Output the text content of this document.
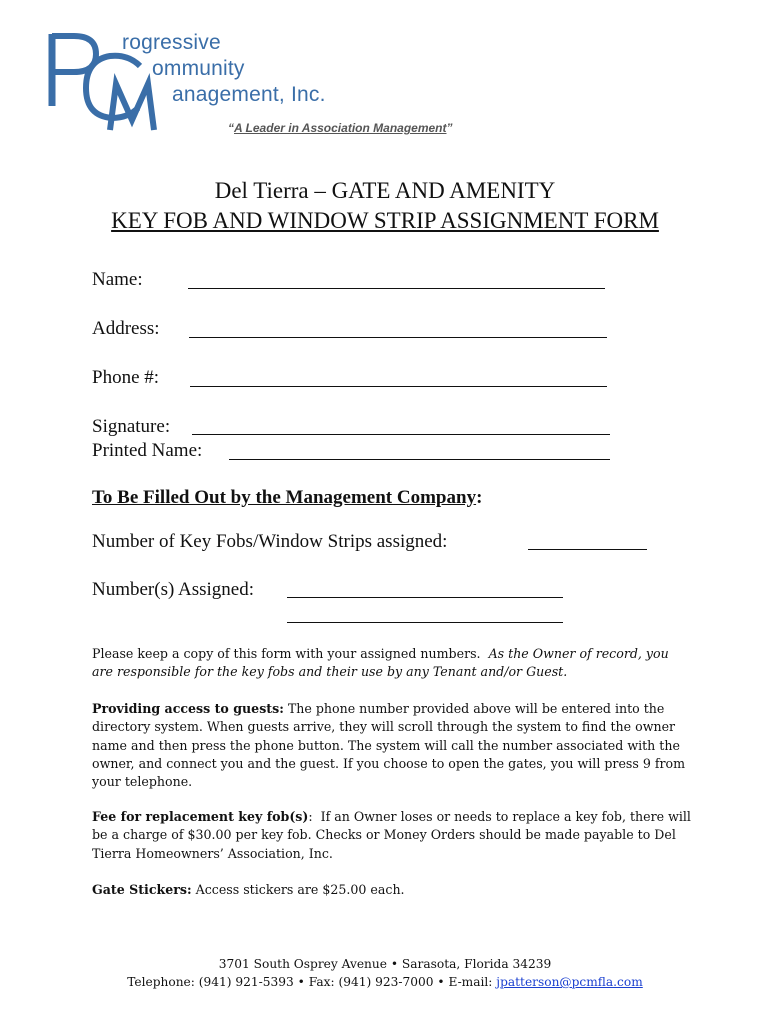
rogressive
ommunity
anagement, Inc.
“A Leader in Association Management”
Del Tierra – GATE AND AMENITY
KEY FOB AND WINDOW STRIP ASSIGNMENT FORM
Name:
Address:
Phone #:
Signature:
Printed Name:
To Be Filled Out by the Management Company:
Number of Key Fobs/Window Strips assigned:
Number(s) Assigned:
Please keep a copy of this form with your assigned numbers. As the Owner of record, you are responsible for the key fobs and their use by any Tenant and/or Guest.
Providing access to guests: The phone number provided above will be entered into the directory system. When guests arrive, they will scroll through the system to find the owner name and then press the phone button. The system will call the number associated with the owner, and connect you and the guest. If you choose to open the gates, you will press 9 from your telephone.
Fee for replacement key fob(s): If an Owner loses or needs to replace a key fob, there will be a charge of $30.00 per key fob. Checks or Money Orders should be made payable to Del Tierra Homeowners’ Association, Inc.
Gate Stickers: Access stickers are $25.00 each.
3701 South Osprey Avenue • Sarasota, Florida 34239
Telephone: (941) 921-5393 • Fax: (941) 923-7000 • E-mail: jpatterson@pcmfla.com
